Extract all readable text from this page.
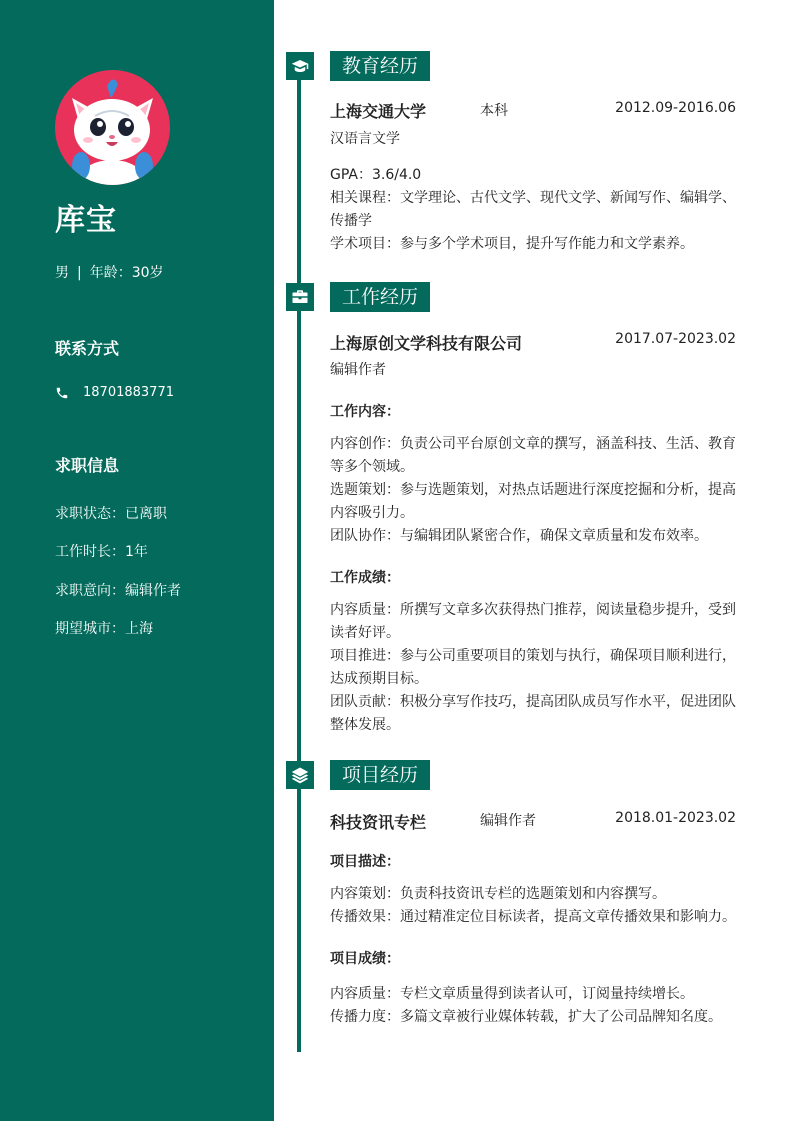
库宝
男 | 年龄：30岁
联系方式
18701883771
求职信息
求职状态：已离职
工作时长：1年
求职意向：编辑作者
期望城市：上海
教育经历
上海交通大学	本科	2012.09-2016.06
汉语言文学
GPA：3.6/4.0
相关课程：文学理论、古代文学、现代文学、新闻写作、编辑学、传播学
学术项目：参与多个学术项目，提升写作能力和文学素养。
工作经历
上海原创文学科技有限公司	2017.07-2023.02
编辑作者
工作内容：
内容创作：负责公司平台原创文章的撰写，涵盖科技、生活、教育等多个领域。
选题策划：参与选题策划，对热点话题进行深度挖掘和分析，提高内容吸引力。
团队协作：与编辑团队紧密合作，确保文章质量和发布效率。
工作成绩：
内容质量：所撰写文章多次获得热门推荐，阅读量稳步提升，受到读者好评。
项目推进：参与公司重要项目的策划与执行，确保项目顺利进行，达成预期目标。
团队贡献：积极分享写作技巧，提高团队成员写作水平，促进团队整体发展。
项目经历
科技资讯专栏	编辑作者	2018.01-2023.02
项目描述：
内容策划：负责科技资讯专栏的选题策划和内容撰写。
传播效果：通过精准定位目标读者，提高文章传播效果和影响力。
项目成绩：
内容质量：专栏文章质量得到读者认可，订阅量持续增长。
传播力度：多篇文章被行业媒体转载，扩大了公司品牌知名度。
